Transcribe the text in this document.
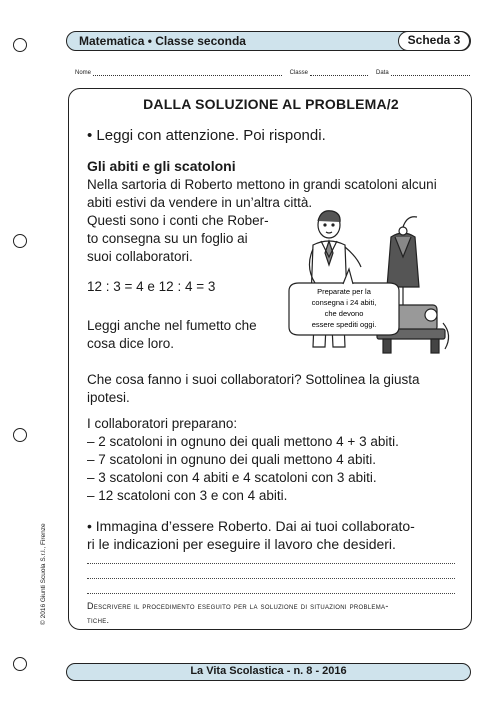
Matematica • Classe seconda	Scheda 3
Nome	Classe	Data
DALLA SOLUZIONE AL PROBLEMA/2
• Leggi con attenzione. Poi rispondi.
Gli abiti e gli scatoloni
Nella sartoria di Roberto mettono in grandi scatoloni alcuni
abiti estivi da vendere in un’altra città.
Questi sono i conti che Rober-
to consegna su un foglio ai
suoi collaboratori.
12 : 3 = 4 e 12 : 4 = 3
Leggi anche nel fumetto che
cosa dice loro.
Preparate per la
consegna i 24 abiti,
che devono
essere spediti oggi.
Che cosa fanno i suoi collaboratori? Sottolinea la giusta
ipotesi.
I collaboratori preparano:
– 2 scatoloni in ognuno dei quali mettono 4 + 3 abiti.
– 7 scatoloni in ognuno dei quali mettono 4 abiti.
– 3 scatoloni con 4 abiti e 4 scatoloni con 3 abiti.
– 12 scatoloni con 3 e con 4 abiti.
• Immagina d’essere Roberto. Dai ai tuoi collaborato-
ri le indicazioni per eseguire il lavoro che desideri.
Descrivere il procedimento eseguito per la soluzione di situazioni problema-
tiche.
© 2016 Giunti Scuola S.r.l., Firenze
La Vita Scolastica - n. 8 - 2016
